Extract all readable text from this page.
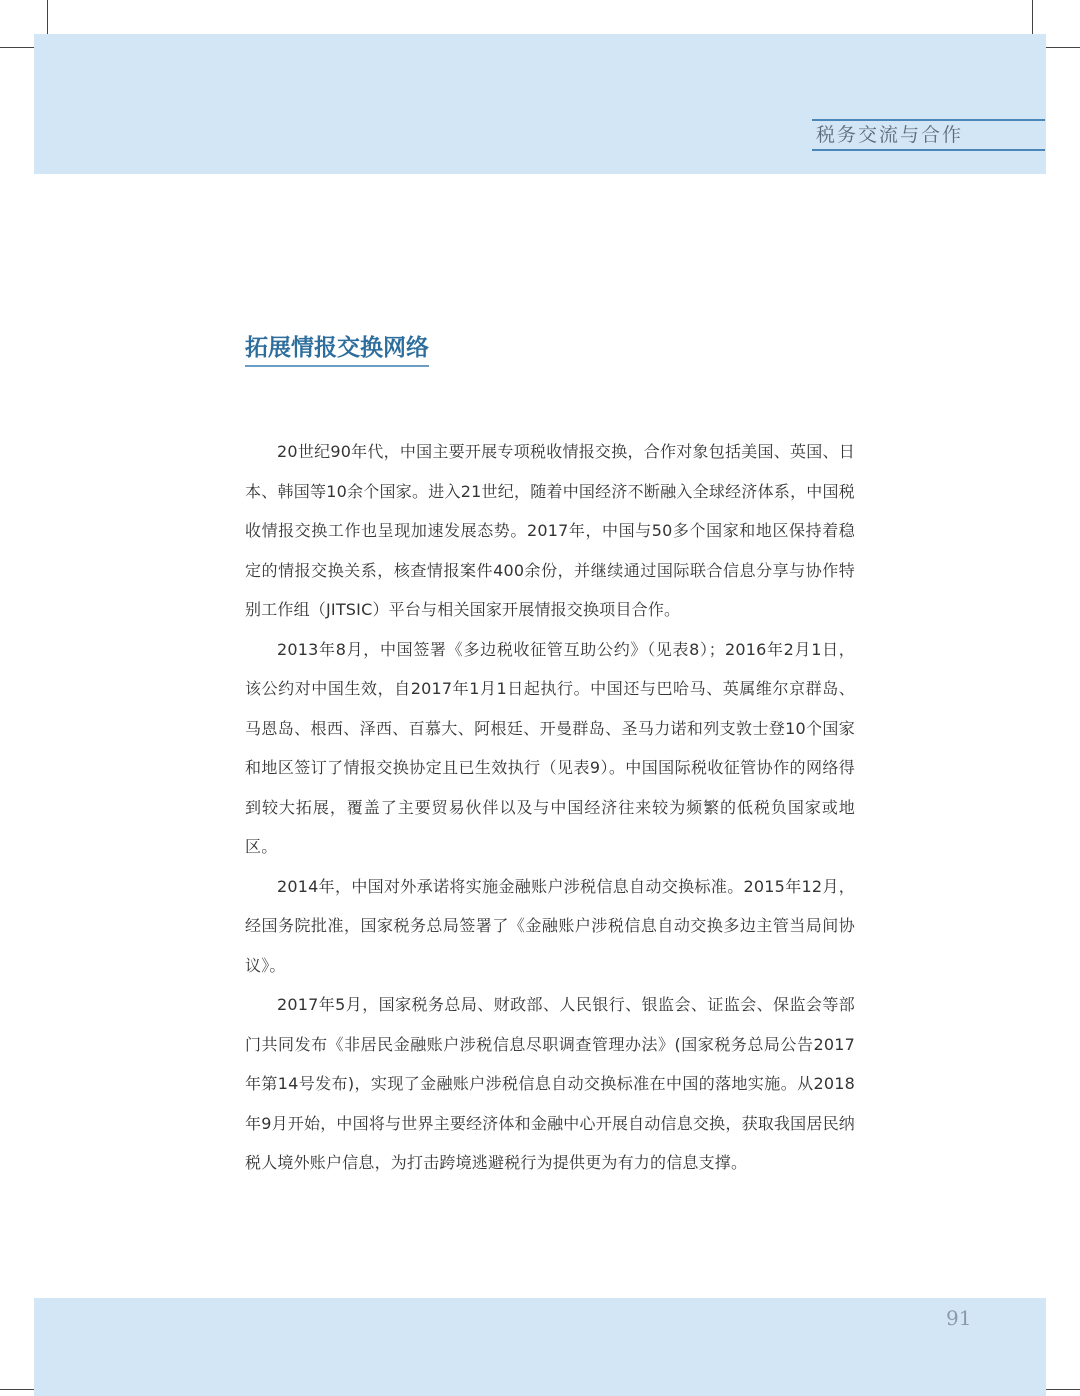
税务交流与合作
拓展情报交换网络

20世纪90年代，中国主要开展专项税收情报交换，合作对象包括美国、英国、日本、韩国等10余个国家。进入21世纪，随着中国经济不断融入全球经济体系，中国税收情报交换工作也呈现加速发展态势。2017年，中国与50多个国家和地区保持着稳定的情报交换关系，核查情报案件400余份，并继续通过国际联合信息分享与协作特别工作组（JITSIC）平台与相关国家开展情报交换项目合作。

2013年8月，中国签署《多边税收征管互助公约》（见表8）；2016年2月1日，该公约对中国生效，自2017年1月1日起执行。中国还与巴哈马、英属维尔京群岛、马恩岛、根西、泽西、百慕大、阿根廷、开曼群岛、圣马力诺和列支敦士登10个国家和地区签订了情报交换协定且已生效执行（见表9）。中国国际税收征管协作的网络得到较大拓展，覆盖了主要贸易伙伴以及与中国经济往来较为频繁的低税负国家或地区。

2014年，中国对外承诺将实施金融账户涉税信息自动交换标准。2015年12月，经国务院批准，国家税务总局签署了《金融账户涉税信息自动交换多边主管当局间协议》。

2017年5月，国家税务总局、财政部、人民银行、银监会、证监会、保监会等部门共同发布《非居民金融账户涉税信息尽职调查管理办法》(国家税务总局公告2017年第14号发布)，实现了金融账户涉税信息自动交换标准在中国的落地实施。从2018年9月开始，中国将与世界主要经济体和金融中心开展自动信息交换，获取我国居民纳税人境外账户信息，为打击跨境逃避税行为提供更为有力的信息支撑。

91
